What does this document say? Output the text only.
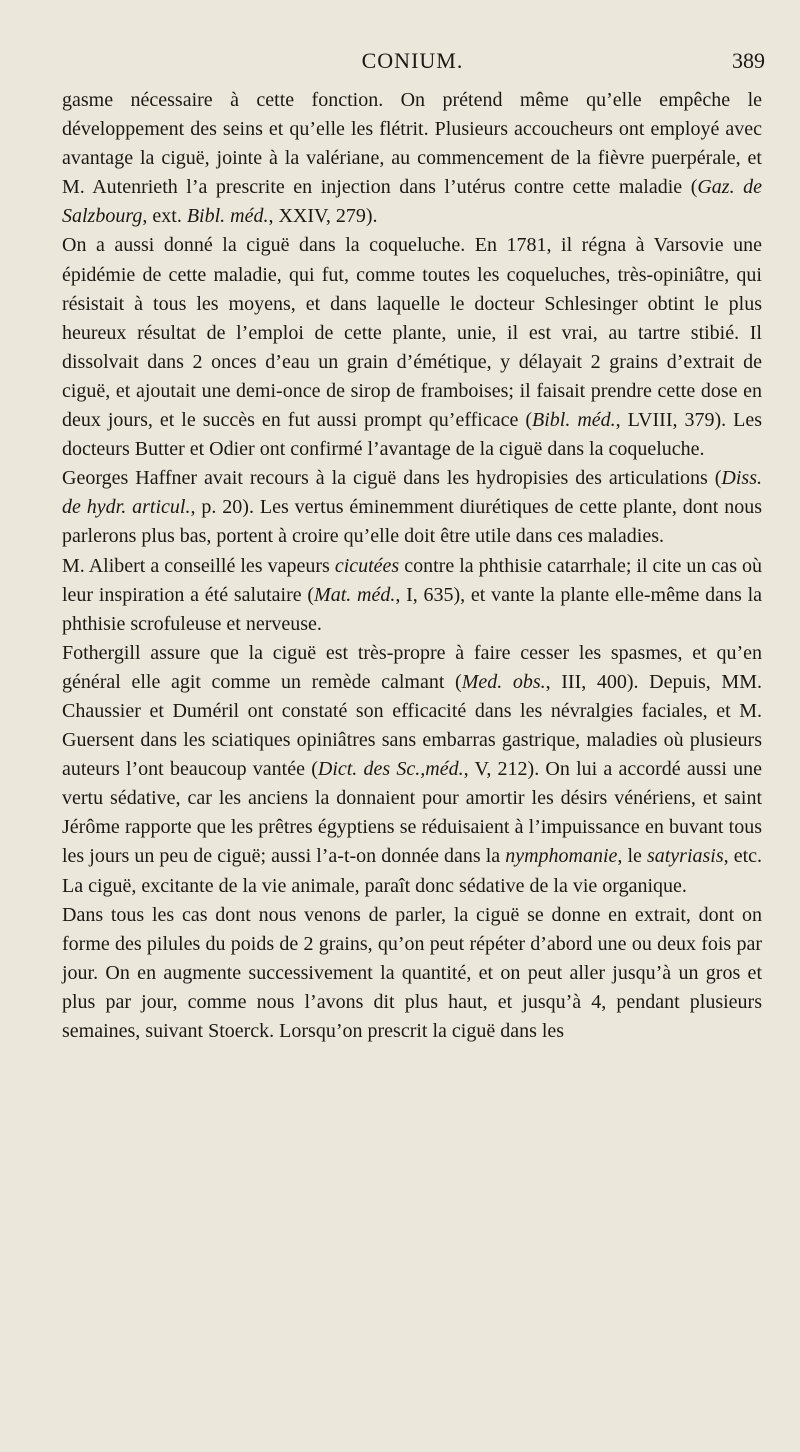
CONIUM.	389

gasme nécessaire à cette fonction. On prétend même qu’elle empêche le développement des seins et qu’elle les flétrit. Plusieurs accoucheurs ont employé avec avantage la ciguë, jointe à la valériane, au commencement de la fièvre puerpérale, et M. Autenrieth l’a prescrite en injection dans l’utérus contre cette maladie (Gaz. de Salzbourg, ext. Bibl. méd., XXIV, 279).

On a aussi donné la ciguë dans la coqueluche. En 1781, il régna à Varsovie une épidémie de cette maladie, qui fut, comme toutes les coqueluches, très-opiniâtre, qui résistait à tous les moyens, et dans laquelle le docteur Schlesinger obtint le plus heureux résultat de l’emploi de cette plante, unie, il est vrai, au tartre stibié. Il dissolvait dans 2 onces d’eau un grain d’émétique, y délayait 2 grains d’extrait de ciguë, et ajoutait une demi-once de sirop de framboises; il faisait prendre cette dose en deux jours, et le succès en fut aussi prompt qu’efficace (Bibl. méd., LVIII, 379). Les docteurs Butter et Odier ont confirmé l’avantage de la ciguë dans la coqueluche.

Georges Haffner avait recours à la ciguë dans les hydropisies des articulations (Diss. de hydr. articul., p. 20). Les vertus éminemment diurétiques de cette plante, dont nous parlerons plus bas, portent à croire qu’elle doit être utile dans ces maladies.

M. Alibert a conseillé les vapeurs cicutées contre la phthisie catarrhale; il cite un cas où leur inspiration a été salutaire (Mat. méd., I, 635), et vante la plante elle-même dans la phthisie scrofuleuse et nerveuse.

Fothergill assure que la ciguë est très-propre à faire cesser les spasmes, et qu’en général elle agit comme un remède calmant (Med. obs., III, 400). Depuis, MM. Chaussier et Duméril ont constaté son efficacité dans les névralgies faciales, et M. Guersent dans les sciatiques opiniâtres sans embarras gastrique, maladies où plusieurs auteurs l’ont beaucoup vantée (Dict. des Sc.,méd., V, 212). On lui a accordé aussi une vertu sédative, car les anciens la donnaient pour amortir les désirs vénériens, et saint Jérôme rapporte que les prêtres égyptiens se réduisaient à l’impuissance en buvant tous les jours un peu de ciguë; aussi l’a-t-on donnée dans la nymphomanie, le satyriasis, etc. La ciguë, excitante de la vie animale, paraît donc sédative de la vie organique.

Dans tous les cas dont nous venons de parler, la ciguë se donne en extrait, dont on forme des pilules du poids de 2 grains, qu’on peut répéter d’abord une ou deux fois par jour. On en augmente successivement la quantité, et on peut aller jusqu’à un gros et plus par jour, comme nous l’avons dit plus haut, et jusqu’à 4, pendant plusieurs semaines, suivant Stoerck. Lorsqu’on prescrit la ciguë dans les
